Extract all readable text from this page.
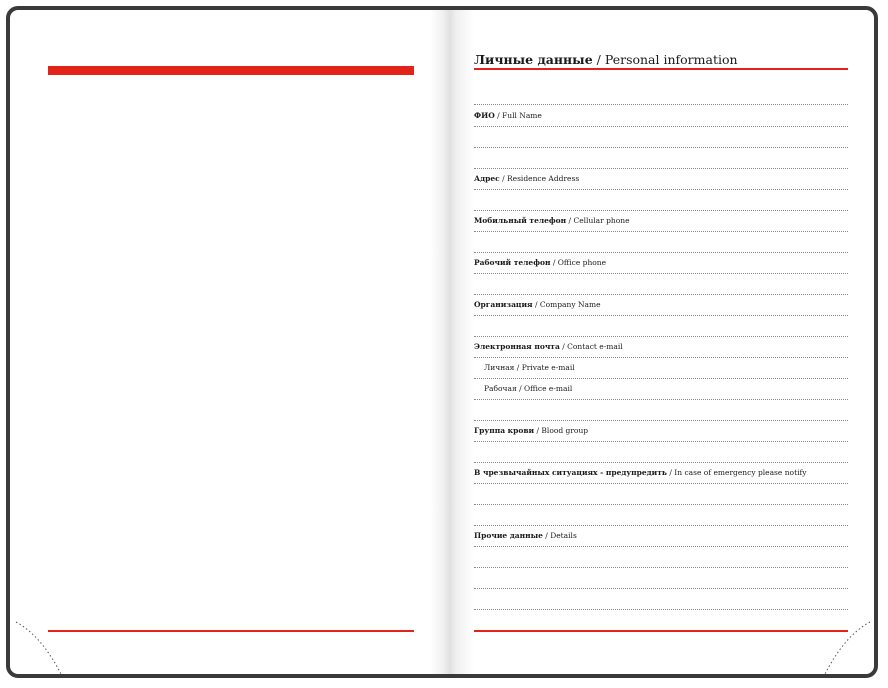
Личные данные / Personal information
ФИО / Full Name
Адрес / Residence Address
Мобильный телефон / Cellular phone
Рабочий телефон / Office phone
Организация / Company Name
Электронная почта / Contact e-mail
Личная / Private e-mail
Рабочая / Office e-mail
Группа крови / Blood group
В чрезвычайных ситуациях - предупредить / In case of emergency please notify
Прочие данные / Details
